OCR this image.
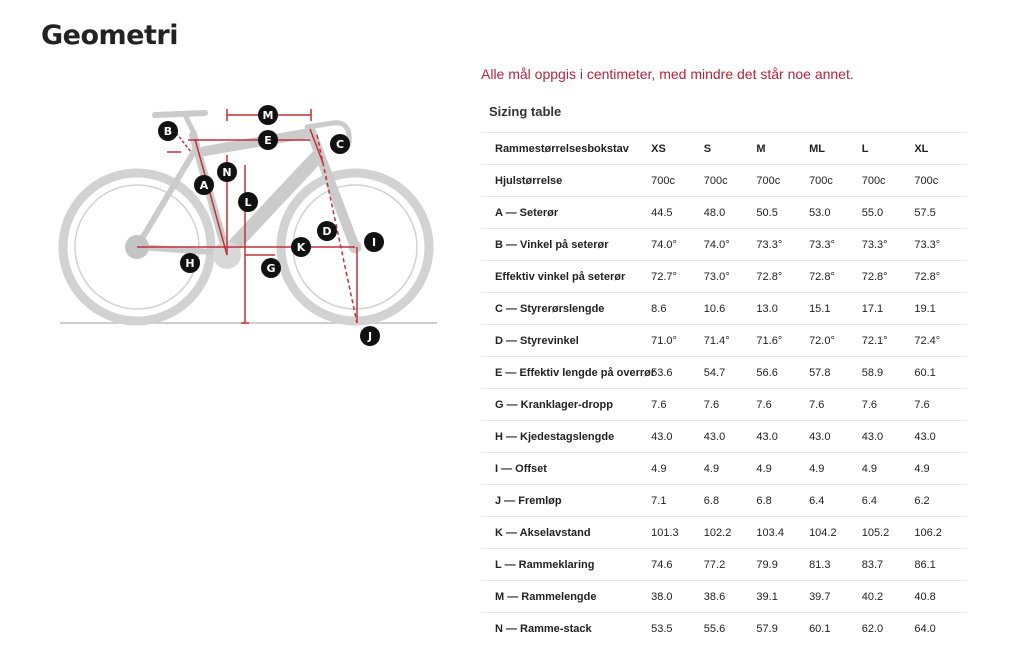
Geometri
M
B
E	C
N
A
L
D
I
K
H	G
J
Alle mål oppgis i centimeter, med mindre det står noe annet.
Sizing table
Rammestørrelsesbokstav	XS	S	M	ML	L	XL
Hjulstørrelse	700c	700c	700c	700c	700c	700c
A — Seterør	44.5	48.0	50.5	53.0	55.0	57.5
B — Vinkel på seterør	74.0°	74.0°	73.3°	73.3°	73.3°	73.3°
Effektiv vinkel på seterør	72.7°	73.0°	72.8°	72.8°	72.8°	72.8°
C — Styrerørslengde	8.6	10.6	13.0	15.1	17.1	19.1
D — Styrevinkel	71.0°	71.4°	71.6°	72.0°	72.1°	72.4°
E — Effektiv lengde på overrør	53.6	54.7	56.6	57.8	58.9	60.1
G — Kranklager-dropp	7.6	7.6	7.6	7.6	7.6	7.6
H — Kjedestagslengde	43.0	43.0	43.0	43.0	43.0	43.0
I — Offset	4.9	4.9	4.9	4.9	4.9	4.9
J — Fremløp	7.1	6.8	6.8	6.4	6.4	6.2
K — Akselavstand	101.3	102.2	103.4	104.2	105.2	106.2
L — Rammeklaring	74.6	77.2	79.9	81.3	83.7	86.1
M — Rammelengde	38.0	38.6	39.1	39.7	40.2	40.8
N — Ramme-stack	53.5	55.6	57.9	60.1	62.0	64.0
